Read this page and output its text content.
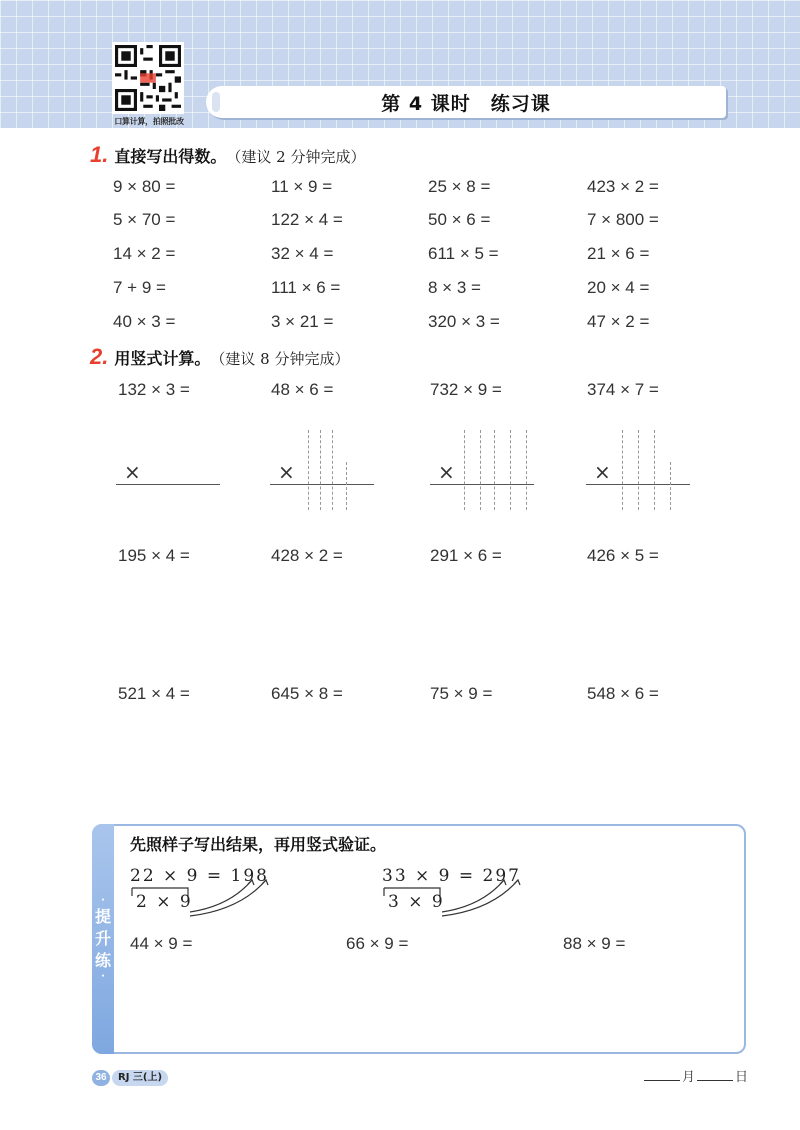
口算计算，拍照批改
第 4 课时　练习课
1. 直接写出得数。 （建议 2 分钟完成）
9 × 80 =	11 × 9 =	25 × 8 =	423 × 2 =
5 × 70 =	122 × 4 =	50 × 6 =	7 × 800 =
14 × 2 =	32 × 4 =	611 × 5 =	21 × 6 =
7 + 9 =	111 × 6 =	8 × 3 =	20 × 4 =
40 × 3 =	3 × 21 =	320 × 3 =	47 × 2 =
2. 用竖式计算。 （建议 8 分钟完成）
132 × 3 =	48 × 6 =	732 × 9 =	374 × 7 =
×	×	×	×
195 × 4 =	428 × 2 =	291 × 6 =	426 × 5 =
521 × 4 =	645 × 8 =	75 × 9 =	548 × 6 =
·
提
升
练
·
先照样子写出结果，再用竖式验证。
22 × 9 = 198
2 × 9
33 × 9 = 297
3 × 9
44 × 9 =	66 × 9 =	88 × 9 =
36	RJ 三(上)	月	日
